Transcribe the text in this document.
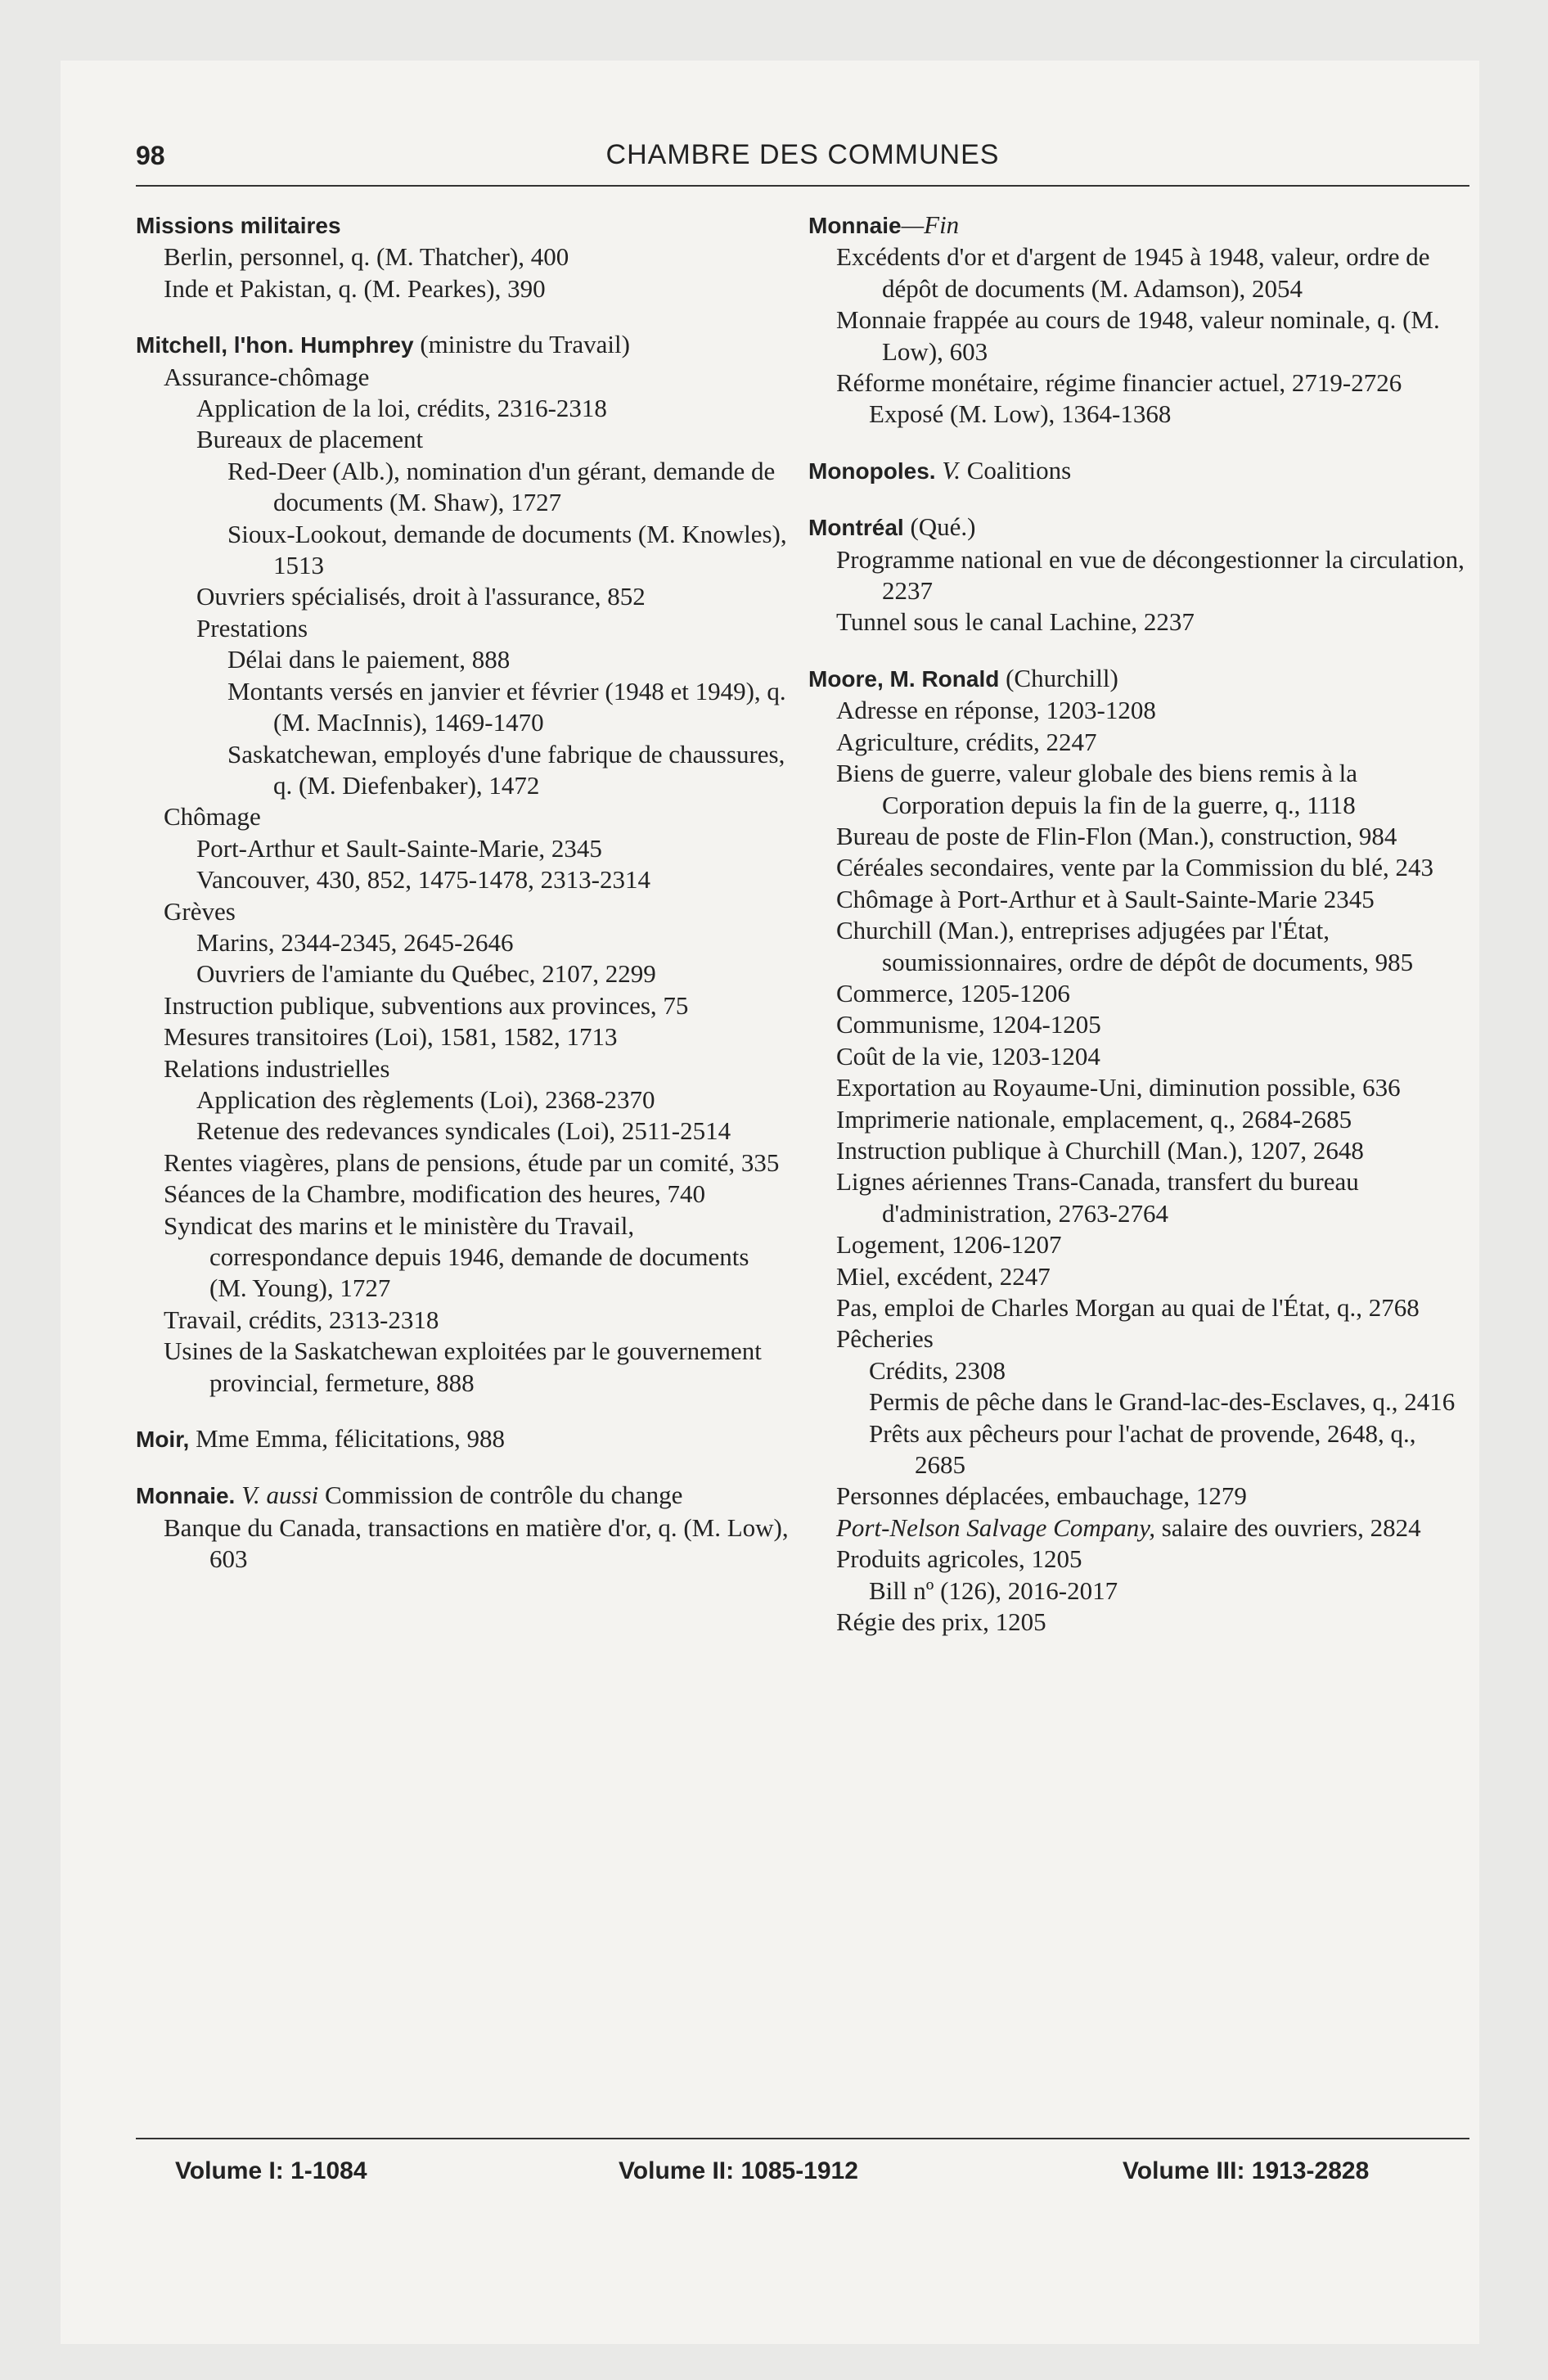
98	CHAMBRE DES COMMUNES

Missions militaires

Berlin, personnel, q. (M. Thatcher), 400

Inde et Pakistan, q. (M. Pearkes), 390

Mitchell, l'hon. Humphrey (ministre du Travail)

Assurance-chômage

Application de la loi, crédits, 2316-2318

Bureaux de placement

Red-Deer (Alb.), nomination d'un gérant, demande de documents (M. Shaw), 1727

Sioux-Lookout, demande de documents (M. Knowles), 1513

Ouvriers spécialisés, droit à l'assurance, 852

Prestations

Délai dans le paiement, 888

Montants versés en janvier et février (1948 et 1949), q. (M. MacInnis), 1469-1470

Saskatchewan, employés d'une fabrique de chaussures, q. (M. Diefenbaker), 1472

Chômage

Port-Arthur et Sault-Sainte-Marie, 2345

Vancouver, 430, 852, 1475-1478, 2313-2314

Grèves

Marins, 2344-2345, 2645-2646

Ouvriers de l'amiante du Québec, 2107, 2299

Instruction publique, subventions aux provinces, 75

Mesures transitoires (Loi), 1581, 1582, 1713

Relations industrielles

Application des règlements (Loi), 2368-2370

Retenue des redevances syndicales (Loi), 2511-2514

Rentes viagères, plans de pensions, étude par un comité, 335

Séances de la Chambre, modification des heures, 740

Syndicat des marins et le ministère du Travail, correspondance depuis 1946, demande de documents (M. Young), 1727

Travail, crédits, 2313-2318

Usines de la Saskatchewan exploitées par le gouvernement provincial, fermeture, 888

Moir, Mme Emma, félicitations, 988

Monnaie. V. aussi Commission de contrôle du change

Banque du Canada, transactions en matière d'or, q. (M. Low), 603

Monnaie—Fin

Excédents d'or et d'argent de 1945 à 1948, valeur, ordre de dépôt de documents (M. Adamson), 2054

Monnaie frappée au cours de 1948, valeur nominale, q. (M. Low), 603

Réforme monétaire, régime financier actuel, 2719-2726

Exposé (M. Low), 1364-1368

Monopoles. V. Coalitions

Montréal (Qué.)

Programme national en vue de décongestionner la circulation, 2237

Tunnel sous le canal Lachine, 2237

Moore, M. Ronald (Churchill)

Adresse en réponse, 1203-1208

Agriculture, crédits, 2247

Biens de guerre, valeur globale des biens remis à la Corporation depuis la fin de la guerre, q., 1118

Bureau de poste de Flin-Flon (Man.), construction, 984

Céréales secondaires, vente par la Commission du blé, 243

Chômage à Port-Arthur et à Sault-Sainte-Marie 2345

Churchill (Man.), entreprises adjugées par l'État, soumissionnaires, ordre de dépôt de documents, 985

Commerce, 1205-1206

Communisme, 1204-1205

Coût de la vie, 1203-1204

Exportation au Royaume-Uni, diminution possible, 636

Imprimerie nationale, emplacement, q., 2684-2685

Instruction publique à Churchill (Man.), 1207, 2648

Lignes aériennes Trans-Canada, transfert du bureau d'administration, 2763-2764

Logement, 1206-1207

Miel, excédent, 2247

Pas, emploi de Charles Morgan au quai de l'État, q., 2768

Pêcheries

Crédits, 2308

Permis de pêche dans le Grand-lac-des-Esclaves, q., 2416

Prêts aux pêcheurs pour l'achat de provende, 2648, q., 2685

Personnes déplacées, embauchage, 1279

Port-Nelson Salvage Company, salaire des ouvriers, 2824

Produits agricoles, 1205

Bill nº (126), 2016-2017

Régie des prix, 1205

Volume I: 1-1084	Volume II: 1085-1912	Volume III: 1913-2828
